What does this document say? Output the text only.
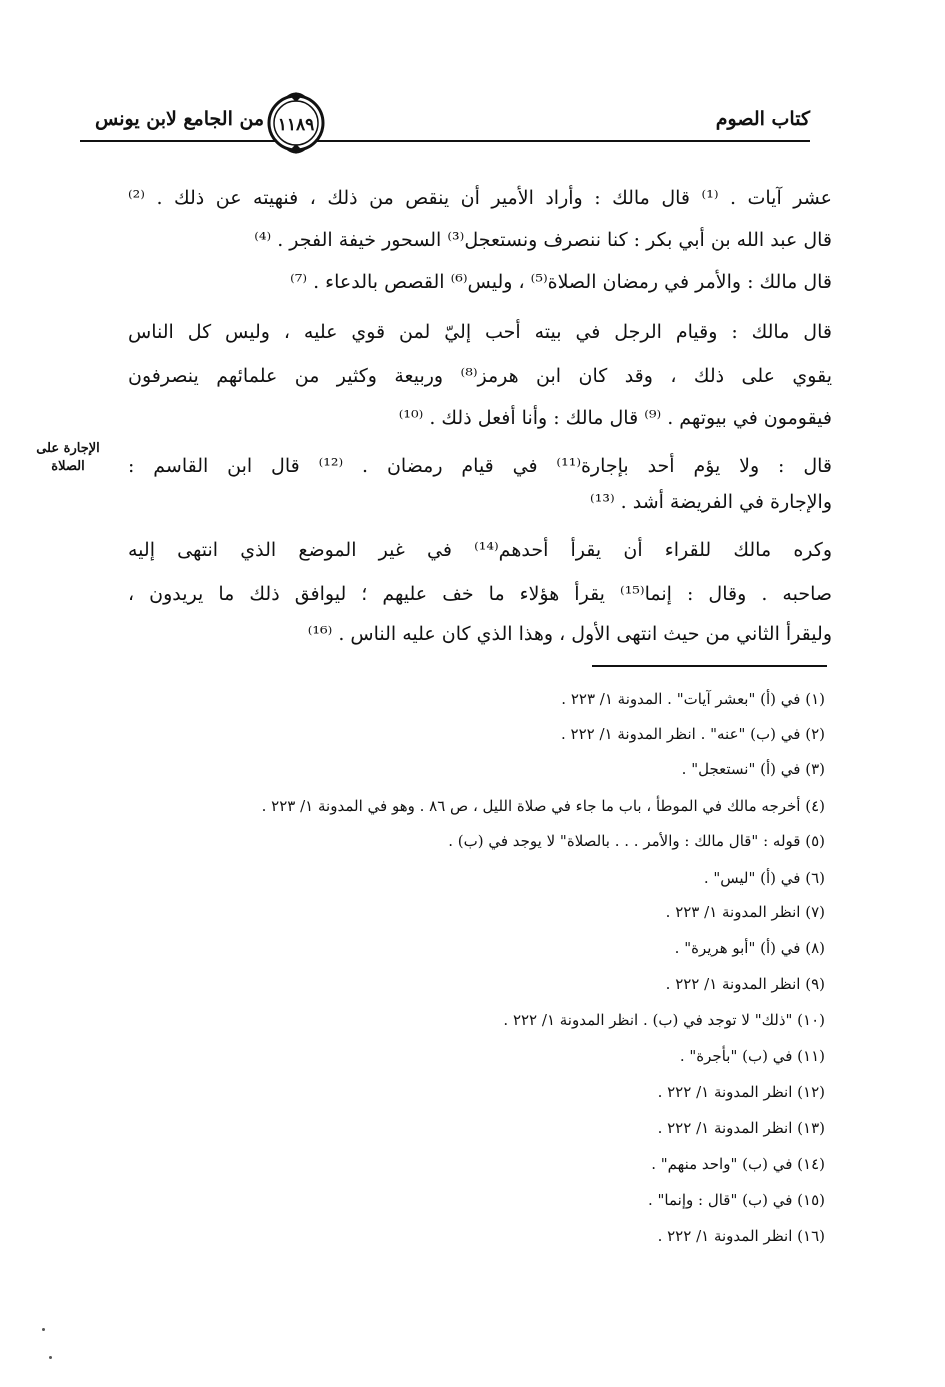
من الجامع لابن يونس	كتاب الصوم
١١٨٩
الإجارة على
الصلاة
عشر آيات . ⁽¹⁾ قال مالك : وأراد الأمير أن ينقص من ذلك ، فنهيته عن ذلك . ⁽²⁾
قال عبد الله بن أبي بكر : كنا ننصرف ونستعجل⁽³⁾ السحور خيفة الفجر . ⁽⁴⁾
قال مالك : والأمر في رمضان الصلاة⁽⁵⁾ ، وليس⁽⁶⁾ القصص بالدعاء . ⁽⁷⁾
قال مالك : وقيام الرجل في بيته أحب إليّ لمن قوي عليه ، وليس كل الناس
يقوي على ذلك ، وقد كان ابن هرمز⁽⁸⁾ وربيعة وكثير من علمائهم ينصرفون
فيقومون في بيوتهم . ⁽⁹⁾ قال مالك : وأنا أفعل ذلك . ⁽¹⁰⁾
قال : ولا يؤم أحد بإجارة⁽¹¹⁾ في قيام رمضان . ⁽¹²⁾ قال ابن القاسم :
والإجارة في الفريضة أشد . ⁽¹³⁾
وكره مالك للقراء أن يقرأ أحدهم⁽¹⁴⁾ في غير الموضع الذي انتهى إليه
صاحبه . وقال : إنما⁽¹⁵⁾ يقرأ هؤلاء ما خف عليهم ؛ ليوافق ذلك ما يريدون ،
وليقرأ الثاني من حيث انتهى الأول ، وهذا الذي كان عليه الناس . ⁽¹⁶⁾
(١) في (أ) "بعشر آيات" . المدونة ١/ ٢٢٣ .
(٢) في (ب) "عنه" . انظر المدونة ١/ ٢٢٢ .
(٣) في (أ) "نستعجل" .
(٤) أخرجه مالك في الموطأ ، باب ما جاء في صلاة الليل ، ص ٨٦ . وهو في المدونة ١/ ٢٢٣ .
(٥) قوله : "قال مالك : والأمر . . . بالصلاة" لا يوجد في (ب) .
(٦) في (أ) "ليس" .
(٧) انظر المدونة ١/ ٢٢٣ .
(٨) في (أ) "أبو هريرة" .
(٩) انظر المدونة ١/ ٢٢٢ .
(١٠) "ذلك" لا توجد في (ب) . انظر المدونة ١/ ٢٢٢ .
(١١) في (ب) "بأجرة" .
(١٢) انظر المدونة ١/ ٢٢٢ .
(١٣) انظر المدونة ١/ ٢٢٢ .
(١٤) في (ب) "واحد منهم" .
(١٥) في (ب) "قال : وإنما" .
(١٦) انظر المدونة ١/ ٢٢٢ .
